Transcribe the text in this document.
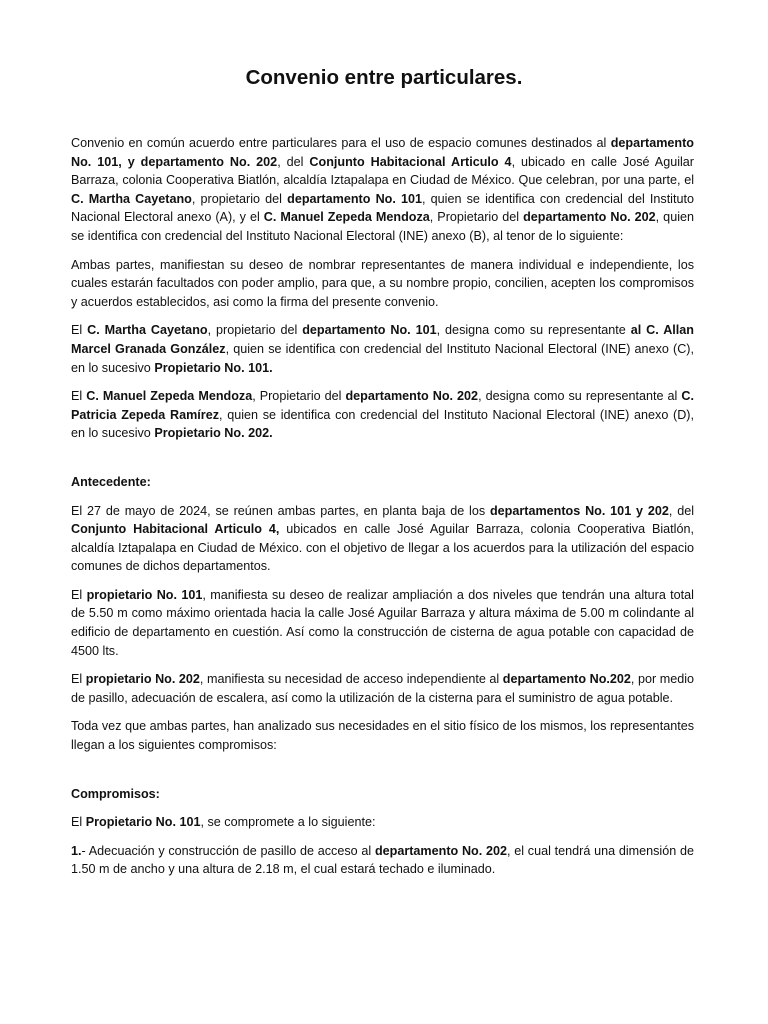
Convenio entre particulares.

Convenio en común acuerdo entre particulares para el uso de espacio comunes destinados al departamento No. 101, y departamento No. 202, del Conjunto Habitacional Articulo 4, ubicado en calle José Aguilar Barraza, colonia Cooperativa Biatlón, alcaldía Iztapalapa en Ciudad de México. Que celebran, por una parte, el C. Martha Cayetano, propietario del departamento No. 101, quien se identifica con credencial del Instituto Nacional Electoral anexo (A), y el C. Manuel Zepeda Mendoza, Propietario del departamento No. 202, quien se identifica con credencial del Instituto Nacional Electoral (INE) anexo (B), al tenor de lo siguiente:

Ambas partes, manifiestan su deseo de nombrar representantes de manera individual e independiente, los cuales estarán facultados con poder amplio, para que, a su nombre propio, concilien, acepten los compromisos y acuerdos establecidos, asi como la firma del presente convenio.

El C. Martha Cayetano, propietario del departamento No. 101, designa como su representante al C. Allan Marcel Granada González, quien se identifica con credencial del Instituto Nacional Electoral (INE) anexo (C), en lo sucesivo Propietario No. 101.

El C. Manuel Zepeda Mendoza, Propietario del departamento No. 202, designa como su representante al C. Patricia Zepeda Ramírez, quien se identifica con credencial del Instituto Nacional Electoral (INE) anexo (D), en lo sucesivo Propietario No. 202.

Antecedente:

El 27 de mayo de 2024, se reúnen ambas partes, en planta baja de los departamentos No. 101 y 202, del Conjunto Habitacional Articulo 4, ubicados en calle José Aguilar Barraza, colonia Cooperativa Biatlón, alcaldía Iztapalapa en Ciudad de México. con el objetivo de llegar a los acuerdos para la utilización del espacio comunes de dichos departamentos.

El propietario No. 101, manifiesta su deseo de realizar ampliación a dos niveles que tendrán una altura total de 5.50 m como máximo orientada hacia la calle José Aguilar Barraza y altura máxima de 5.00 m colindante al edificio de departamento en cuestión. Así como la construcción de cisterna de agua potable con capacidad de 4500 lts.

El propietario No. 202, manifiesta su necesidad de acceso independiente al departamento No.202, por medio de pasillo, adecuación de escalera, así como la utilización de la cisterna para el suministro de agua potable.

Toda vez que ambas partes, han analizado sus necesidades en el sitio físico de los mismos, los representantes llegan a los siguientes compromisos:

Compromisos:

El Propietario No. 101, se compromete a lo siguiente:

1.- Adecuación y construcción de pasillo de acceso al departamento No. 202, el cual tendrá una dimensión de 1.50 m de ancho y una altura de 2.18 m, el cual estará techado e iluminado.
